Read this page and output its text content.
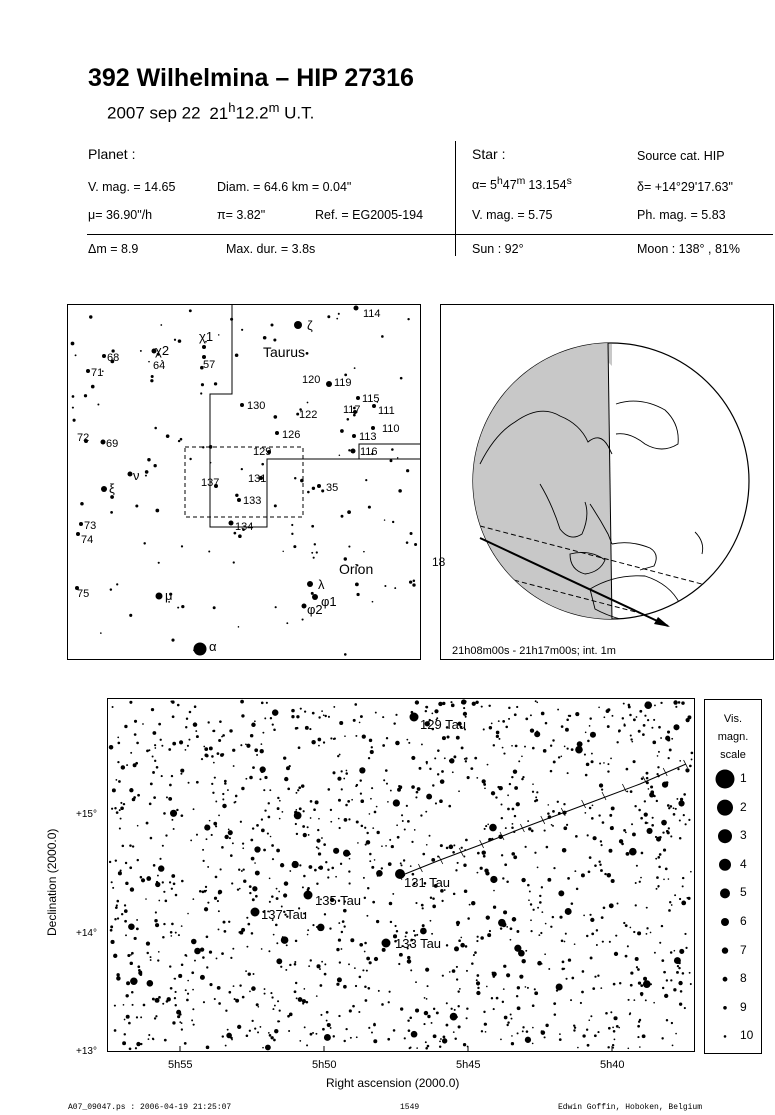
392 Wilhelmina – HIP 27316
2007 sep 22 21$^h$12.2$^m$ U.T.
Planet :
V. mag. = 14.65	Diam. = 64.6 km = 0.04"
μ= 36.90"/h	π= 3.82"	Ref. = EG2005-194
Δm = 8.9	Max. dur. = 3.8s
Star :	Source cat. HIP
$\alpha= 5^h47^m$ 13.154$^s$	δ= +14°29'17.63"
V. mag. = 5.75	Ph. mag. = 5.83
Sun : 92°	Moon : 138° , 81%
Taurus
Orion
114
120 119
115
117 111
110
113
116
122
126
130
129
131
133
137
134
35
68
71
64	57
72 69
73
74
75
ζ
χ1
χ2
ν
ξ
μ
α
λ
φ1
φ2
18
21h08m00s - 21h17m00s; int. 1m
129 Tau
131 Tau
135 Tau
137 Tau
133 Tau
5h55	5h50	5h45	5h40
+15°
+14°
+13°
Right ascension (2000.0)
Declination (2000.0)
Vis.
magn.
scale
1
2
3
4
5
6
7
8
9
10
A07_09047.ps : 2006-04-19 21:25:07	1549	Edwin Goffin, Hoboken, Belgium
